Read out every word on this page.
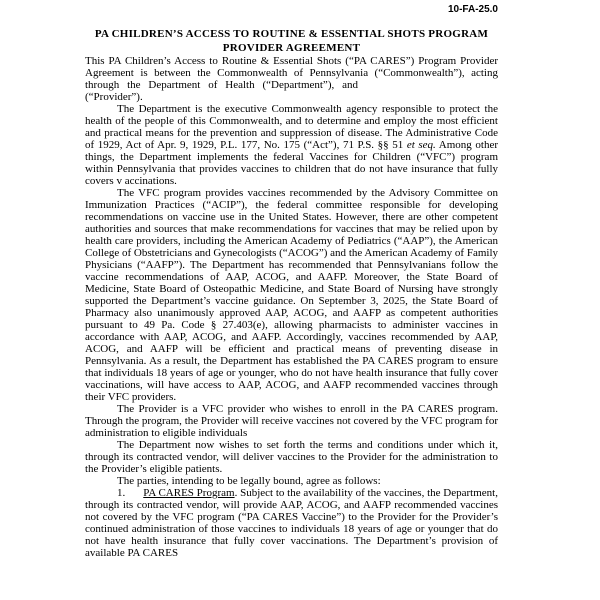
10-FA-25.0
PA CHILDREN’S ACCESS TO ROUTINE & ESSENTIAL SHOTS PROGRAM
PROVIDER AGREEMENT

This PA Children’s Access to Routine & Essential Shots (“PA CARES”) Program Provider Agreement is between the Commonwealth of Pennsylvania (“Commonwealth”), acting through the Department of Health (“Department”), and(“Provider”).

The Department is the executive Commonwealth agency responsible to protect the health of the people of this Commonwealth, and to determine and employ the most efficient and practical means for the prevention and suppression of disease. The Administrative Code of 1929, Act of Apr. 9, 1929, P.L. 177, No. 175 (“Act”), 71 P.S. §§ 51 et seq. Among other things, the Department implements the federal Vaccines for Children (“VFC”) program within Pennsylvania that provides vaccines to children that do not have insurance that fully covers v accinations.

The VFC program provides vaccines recommended by the Advisory Committee on Immunization Practices (“ACIP”), the federal committee responsible for developing recommendations on vaccine use in the United States. However, there are other competent authorities and sources that make recommendations for vaccines that may be relied upon by health care providers, including the American Academy of Pediatrics (“AAP”), the American College of Obstetricians and Gynecologists (“ACOG”) and the American Academy of Family Physicians (“AAFP”). The Department has recommended that Pennsylvanians follow the vaccine recommendations of AAP, ACOG, and AAFP. Moreover, the State Board of Medicine, State Board of Osteopathic Medicine, and State Board of Nursing have strongly supported the Department’s vaccine guidance. On September 3, 2025, the State Board of Pharmacy also unanimously approved AAP, ACOG, and AAFP as competent authorities pursuant to 49 Pa. Code § 27.403(e), allowing pharmacists to administer vaccines in accordance with AAP, ACOG, and AAFP. Accordingly, vaccines recommended by AAP, ACOG, and AAFP will be efficient and practical means of preventing disease in Pennsylvania. As a result, the Department has established the PA CARES program to ensure that individuals 18 years of age or younger, who do not have health insurance that fully cover vaccinations, will have access to AAP, ACOG, and AAFP recommended vaccines through their VFC providers.

The Provider is a VFC provider who wishes to enroll in the PA CARES program. Through the program, the Provider will receive vaccines not covered by the VFC program for administration to eligible individuals

The Department now wishes to set forth the terms and conditions under which it, through its contracted vendor, will deliver vaccines to the Provider for the administration to the Provider’s eligible patients.

The parties, intending to be legally bound, agree as follows:

1. PA CARES Program. Subject to the availability of the vaccines, the Department, through its contracted vendor, will provide AAP, ACOG, and AAFP recommended vaccines not covered by the VFC program (“PA CARES Vaccine”) to the Provider for the Provider’s continued administration of those vaccines to individuals 18 years of age or younger that do not have health insurance that fully cover vaccinations. The Department’s provision of available PA CARES
